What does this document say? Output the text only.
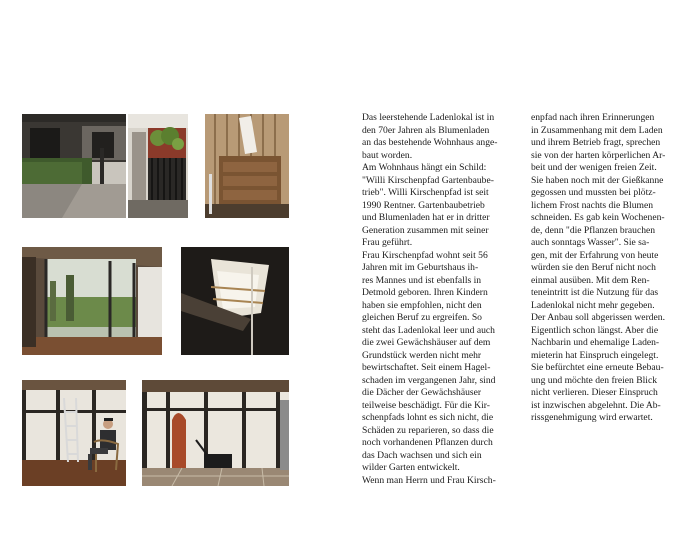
Das leerstehende Ladenlokal ist in
den 70er Jahren als Blumenladen
an das bestehende Wohnhaus ange-
baut worden.
Am Wohnhaus hängt ein Schild:
"Willi Kirschenpfad Gartenbaube-
trieb". Willi Kirschenpfad ist seit
1990 Rentner. Gartenbaubetrieb
und Blumenladen hat er in dritter
Generation zusammen mit seiner
Frau geführt.
Frau Kirschenpfad wohnt seit 56
Jahren mit im Geburtshaus ih-
res Mannes und ist ebenfalls in
Detmold geboren. Ihren Kindern
haben sie empfohlen, nicht den
gleichen Beruf zu ergreifen. So
steht das Ladenlokal leer und auch
die zwei Gewächshäuser auf dem
Grundstück werden nicht mehr
bewirtschaftet. Seit einem Hagel-
schaden im vergangenen Jahr, sind
die Dächer der Gewächshäuser
teilweise beschädigt. Für die Kir-
schenpfads lohnt es sich nicht, die
Schäden zu reparieren, so dass die
noch vorhandenen Pflanzen durch
das Dach wachsen und sich ein
wilder Garten entwickelt.
Wenn man Herrn und Frau Kirsch-
enpfad nach ihren Erinnerungen
in Zusammenhang mit dem Laden
und ihrem Betrieb fragt, sprechen
sie von der harten körperlichen Ar-
beit und der wenigen freien Zeit.
Sie haben noch mit der Gießkanne
gegossen und mussten bei plötz-
lichem Frost nachts die Blumen
schneiden. Es gab kein Wochenen-
de, denn "die Pflanzen brauchen
auch sonntags Wasser". Sie sa-
gen, mit der Erfahrung von heute
würden sie den Beruf nicht noch
einmal ausüben. Mit dem Ren-
teneintritt ist die Nutzung für das
Ladenlokal nicht mehr gegeben.
Der Anbau soll abgerissen werden.
Eigentlich schon längst. Aber die
Nachbarin und ehemalige Laden-
mieterin hat Einspruch eingelegt.
Sie befürchtet eine erneute Bebau-
ung und möchte den freien Blick
nicht verlieren. Dieser Einspruch
ist inzwischen abgelehnt. Die Ab-
rissgenehmigung wird erwartet.
